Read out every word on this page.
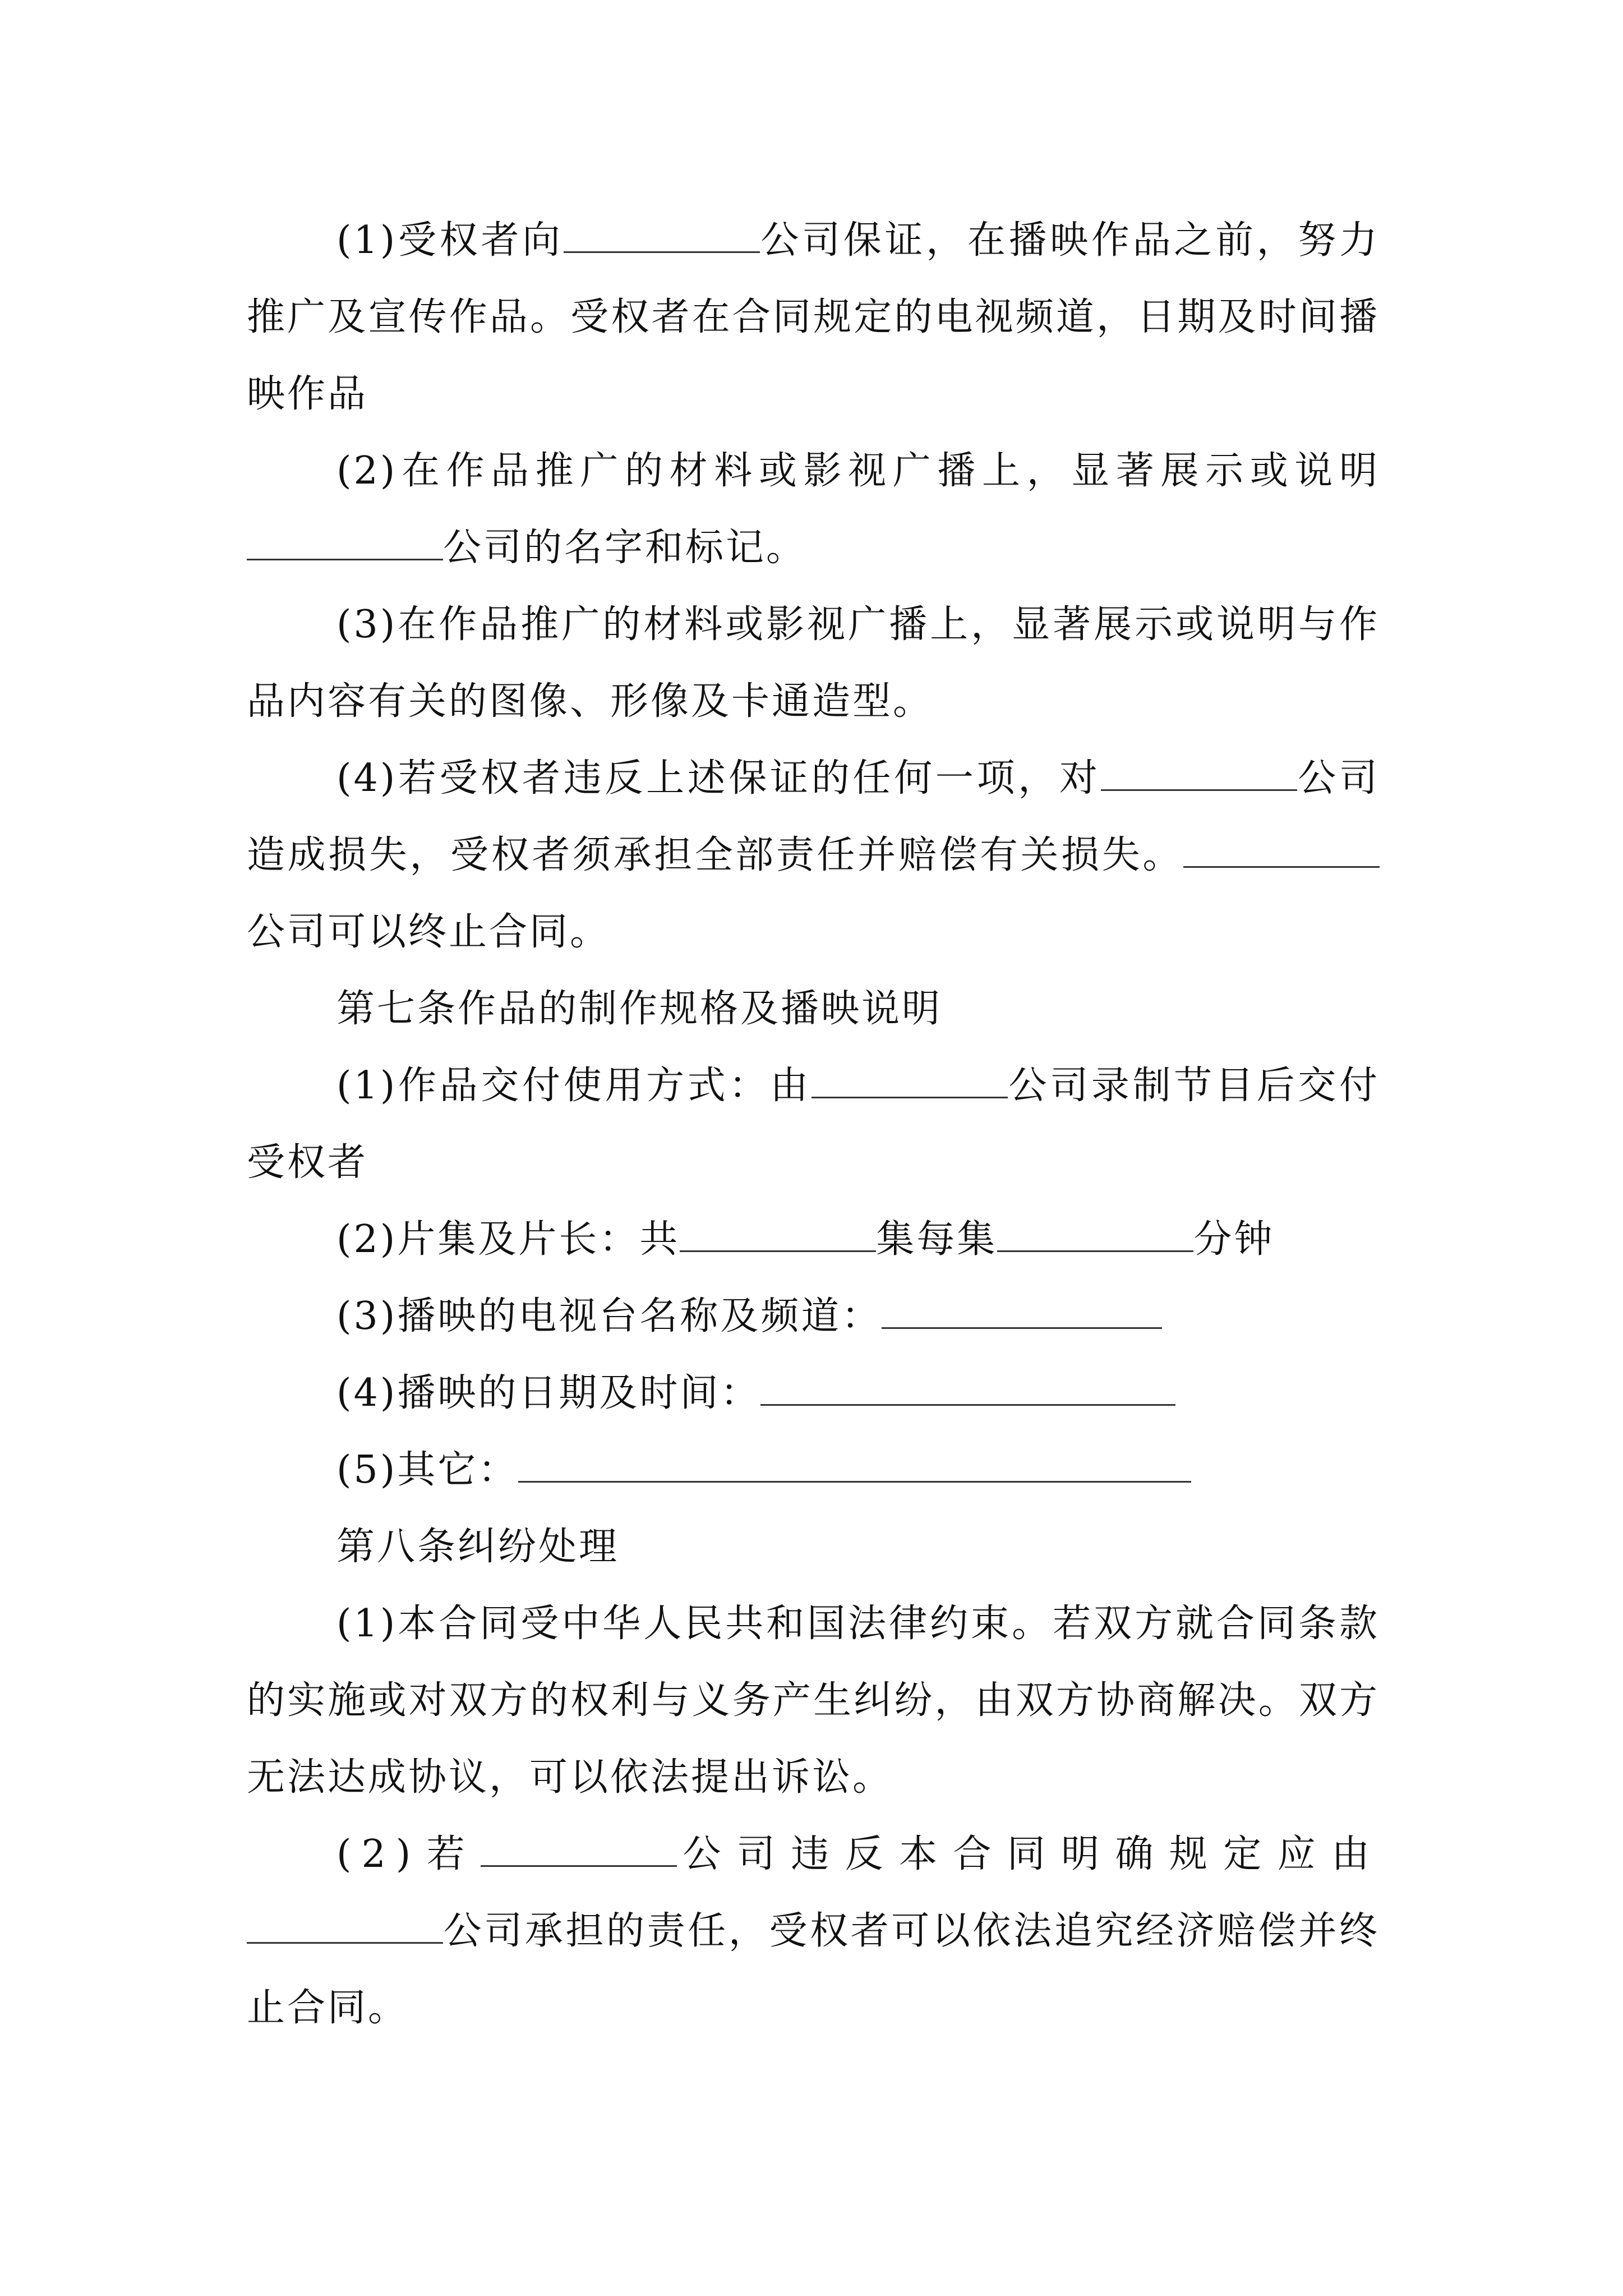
(1)受权者向	公司保证，在播映作品之前，努力推广及宣传作品。受权者在合同规定的电视频道，日期及时间播映作品

(2)在作品推广的材料或影视广播上，显著展示或说明公司的名字和标记。

(3)在作品推广的材料或影视广播上，显著展示或说明与作品内容有关的图像、形像及卡通造型。

(4)若受权者违反上述保证的任何一项，对	公司造成损失，受权者须承担全部责任并赔偿有关损失。公司可以终止合同。

第七条作品的制作规格及播映说明

(1)作品交付使用方式：由	公司录制节目后交付受权者

(2)片集及片长：共	集每集	分钟

(3)播映的电视台名称及频道：

(4)播映的日期及时间：

(5)其它：

第八条纠纷处理

(1)本合同受中华人民共和国法律约束。若双方就合同条款的实施或对双方的权利与义务产生纠纷，由双方协商解决。双方无法达成协议，可以依法提出诉讼。

(2)若	公司违反本合同明确规定应由公司承担的责任，受权者可以依法追究经济赔偿并终止合同。
